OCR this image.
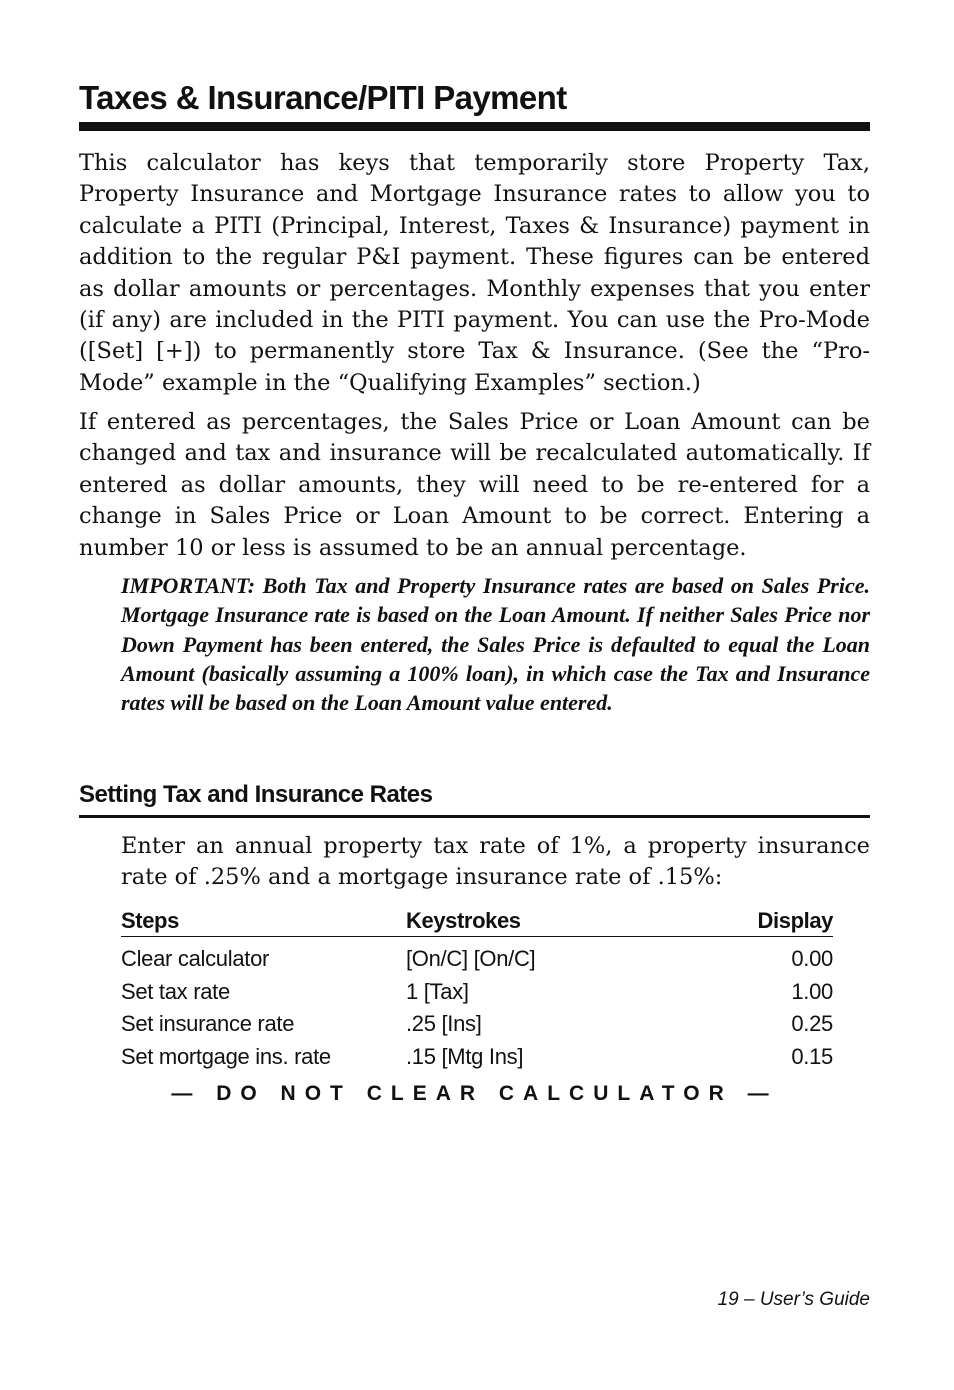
Taxes & Insurance/PITI Payment

This calculator has keys that temporarily store Property Tax, Property Insurance and Mortgage Insurance rates to allow you to calculate a PITI (Principal, Interest, Taxes & Insurance) payment in addition to the regular P&I payment. These figures can be entered as dollar amounts or percentages. Monthly expenses that you enter (if any) are included in the PITI payment. You can use the Pro-Mode ([Set] [+]) to permanently store Tax & Insurance. (See the “Pro-Mode” example in the “Qualifying Examples” section.)

If entered as percentages, the Sales Price or Loan Amount can be changed and tax and insurance will be recalculated automatically. If entered as dollar amounts, they will need to be re-entered for a change in Sales Price or Loan Amount to be correct. Entering a number 10 or less is assumed to be an annual percentage.

IMPORTANT: Both Tax and Property Insurance rates are based on Sales Price. Mortgage Insurance rate is based on the Loan Amount. If neither Sales Price nor Down Payment has been entered, the Sales Price is defaulted to equal the Loan Amount (basically assuming a 100% loan), in which case the Tax and Insurance rates will be based on the Loan Amount value entered.

Setting Tax and Insurance Rates

Enter an annual property tax rate of 1%, a property insurance rate of .25% and a mortgage insurance rate of .15%:

Steps	Keystrokes	Display
Clear calculator	[On/C] [On/C]	0.00
Set tax rate	1 [Tax]	1.00
Set insurance rate	.25 [Ins]	0.25
Set mortgage ins. rate	.15 [Mtg Ins]	0.15
— DO NOT CLEAR CALCULATOR —
19 – User’s Guide
